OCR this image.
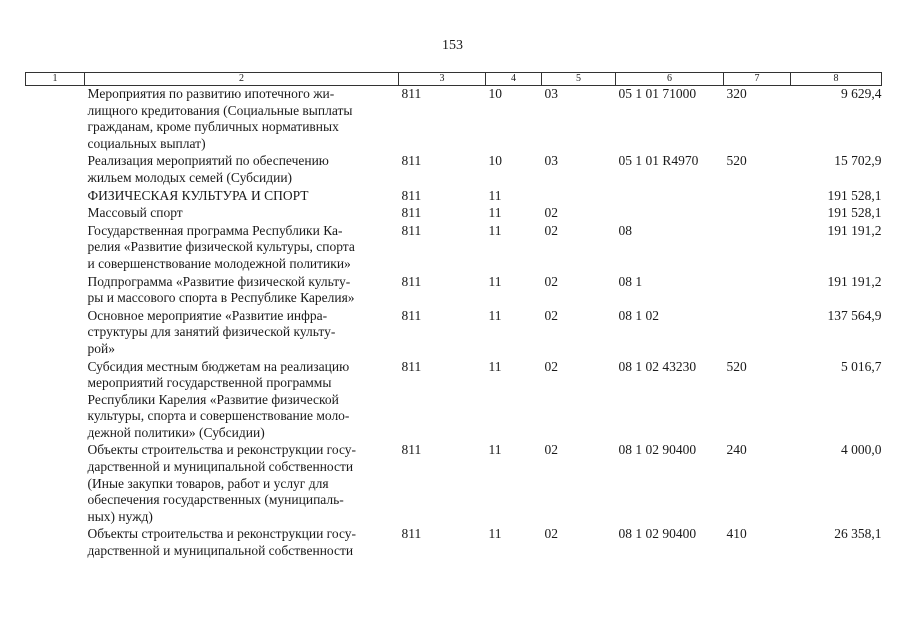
153
1	2	3	4	5	6	7	8
	Мероприятия по развитию ипотечного жи-
лищного кредитования (Социальные выплаты
гражданам, кроме публичных нормативных
социальных выплат)	811	10	03	05 1 01 71000	320	9 629,4
	Реализация мероприятий по обеспечению
жильем молодых семей (Субсидии)	811	10	03	05 1 01 R4970	520	15 702,9
	ФИЗИЧЕСКАЯ КУЛЬТУРА И СПОРТ	811	11				191 528,1
	Массовый спорт	811	11	02			191 528,1
	Государственная программа Республики Ка-
релия «Развитие физической культуры, спорта
и совершенствование молодежной политики»	811	11	02	08		191 191,2
	Подпрограмма «Развитие физической культу-
ры и массового спорта в Республике Карелия»	811	11	02	08 1		191 191,2
	Основное мероприятие «Развитие инфра-
структуры для занятий физической культу-
рой»	811	11	02	08 1 02		137 564,9
	Субсидия местным бюджетам на реализацию
мероприятий государственной программы
Республики Карелия «Развитие физической
культуры, спорта и совершенствование моло-
дежной политики» (Субсидии)	811	11	02	08 1 02 43230	520	5 016,7
	Объекты строительства и реконструкции госу-
дарственной и муниципальной собственности
(Иные закупки товаров, работ и услуг для
обеспечения государственных (муниципаль-
ных) нужд)	811	11	02	08 1 02 90400	240	4 000,0
	Объекты строительства и реконструкции госу-
дарственной и муниципальной собственности	811	11	02	08 1 02 90400	410	26 358,1
